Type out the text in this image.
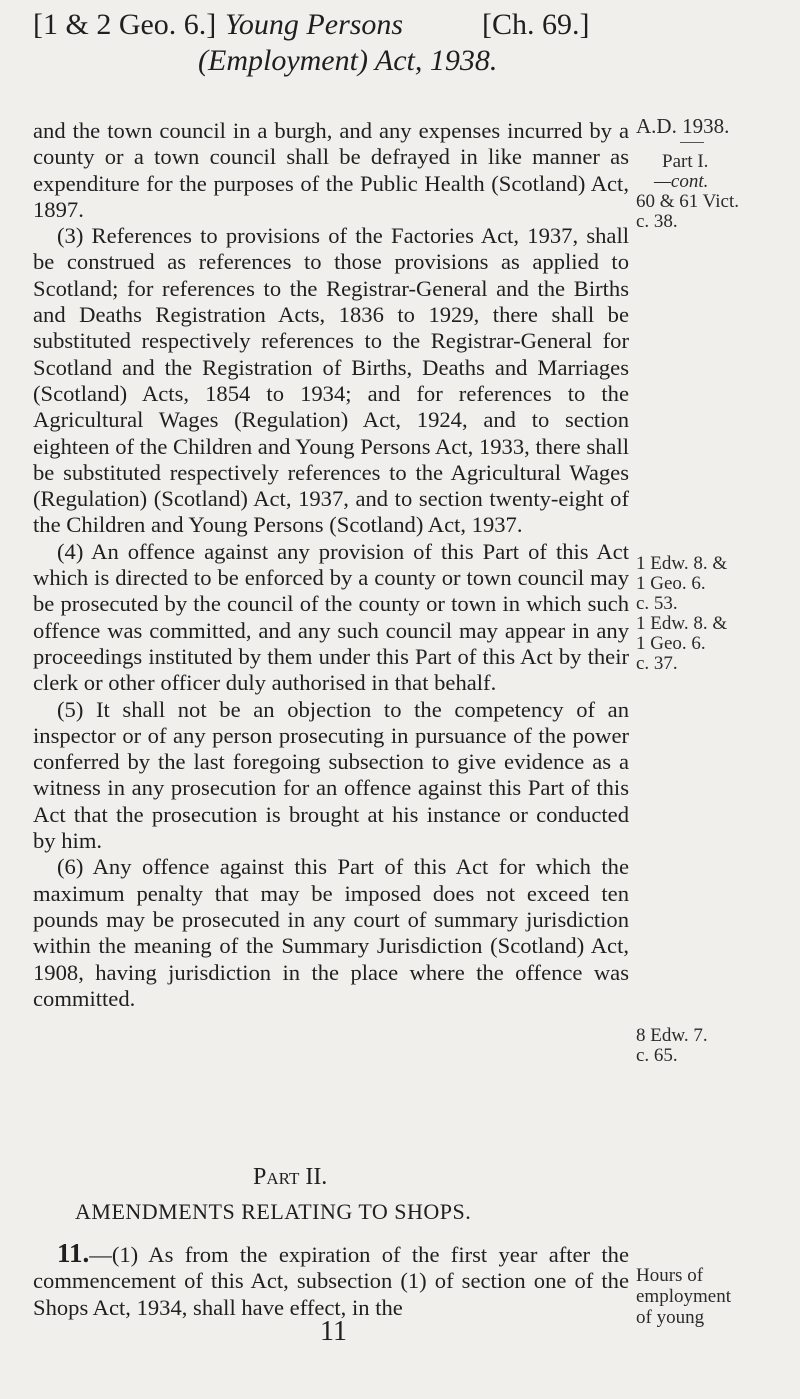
[1 & 2 Geo. 6.] Young Persons	[Ch. 69.]
(Employment) Act, 1938.

and the town council in a burgh, and any expenses incurred by a county or a town council shall be defrayed in like manner as expenditure for the purposes of the Public Health (Scotland) Act, 1897.

(3) References to provisions of the Factories Act, 1937, shall be construed as references to those provisions as applied to Scotland; for references to the Registrar-General and the Births and Deaths Registration Acts, 1836 to 1929, there shall be substituted respectively references to the Registrar-General for Scotland and the Registration of Births, Deaths and Marriages (Scotland) Acts, 1854 to 1934; and for references to the Agricultural Wages (Regulation) Act, 1924, and to section eighteen of the Children and Young Persons Act, 1933, there shall be substituted respectively references to the Agricultural Wages (Regulation) (Scotland) Act, 1937, and to section twenty-eight of the Children and Young Persons (Scotland) Act, 1937.

(4) An offence against any provision of this Part of this Act which is directed to be enforced by a county or town council may be prosecuted by the council of the county or town in which such offence was committed, and any such council may appear in any proceedings instituted by them under this Part of this Act by their clerk or other officer duly authorised in that behalf.

(5) It shall not be an objection to the competency of an inspector or of any person prosecuting in pursuance of the power conferred by the last foregoing subsection to give evidence as a witness in any prosecution for an offence against this Part of this Act that the prosecution is brought at his instance or conducted by him.

(6) Any offence against this Part of this Act for which the maximum penalty that may be imposed does not exceed ten pounds may be prosecuted in any court of summary jurisdiction within the meaning of the Summary Jurisdiction (Scotland) Act, 1908, having jurisdiction in the place where the offence was committed.

A.D. 1938.
Part I.
—cont.
60 & 61 Vict.
c. 38.
1 Edw. 8. &
1 Geo. 6.
c. 53.
1 Edw. 8. &
1 Geo. 6.
c. 37.
8 Edw. 7.
c. 65.
Part II.
AMENDMENTS RELATING TO SHOPS.

11.—(1) As from the expiration of the first year after the commencement of this Act, subsection (1) of section one of the Shops Act, 1934, shall have effect, in the

Hours of
employment
of young
11
